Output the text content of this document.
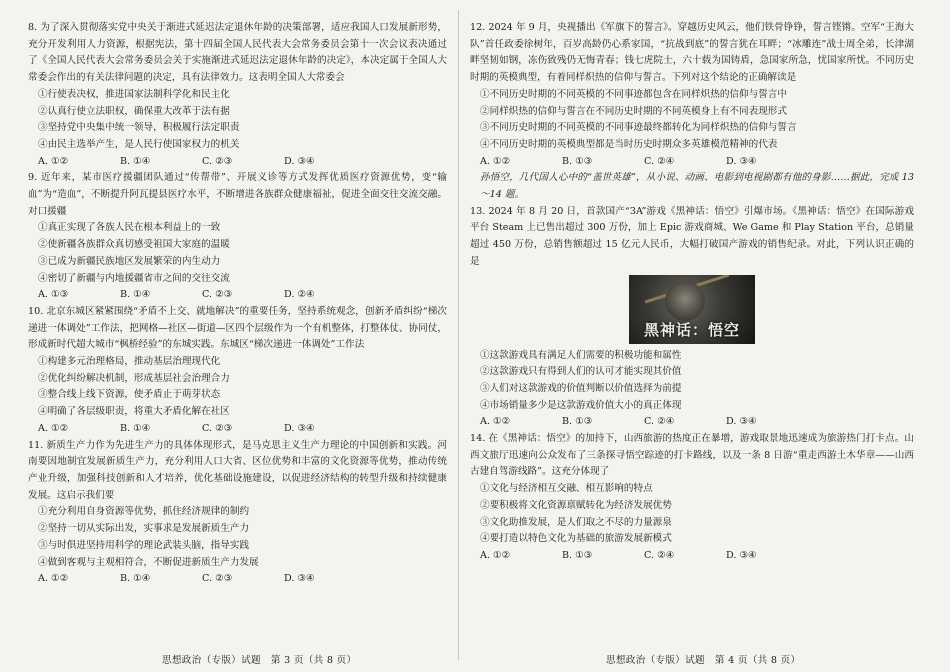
8. 为了深入贯彻落实党中央关于渐进式延迟法定退休年龄的决策部署，适应我国人口发展新形势，充分开发利用人力资源，根据宪法，第十四届全国人民代表大会常务委员会第十一次会议表决通过了《全国人民代表大会常务委员会关于实施渐进式延迟法定退休年龄的决定》，本决定属于全国人大常委会作出的有关法律问题的决定，具有法律效力。这表明全国人大常委会

①行使表决权，推进国家法制科学化和民主化

②认真行使立法职权，确保重大改革于法有据

③坚持党中央集中统一领导，积极履行法定职责

④由民主选举产生，是人民行使国家权力的机关

A. ①②	B. ①④	C. ②③	D. ③④

9. 近年来，某市医疗援疆团队通过“传帮带”、开展义诊等方式发挥优质医疗资源优势，变“输血”为“造血”，不断提升阿瓦提县医疗水平，不断增进各族群众健康福祉，促进全面交往交流交融。对口援疆

①真正实现了各族人民在根本利益上的一致

②使新疆各族群众真切感受祖国大家庭的温暖

③已成为新疆民族地区发展繁荣的内生动力

④密切了新疆与内地援疆省市之间的交往交流

A. ①③	B. ①④	C. ②③	D. ②④

10. 北京东城区紧紧围绕“矛盾不上交、就地解决”的重要任务，坚持系统观念，创新矛盾纠纷“梯次递进一体调处”工作法，把网格—社区—街道—区四个层级作为一个有机整体，打整体仗、协同仗，形成新时代超大城市“枫桥经验”的东城实践。东城区“梯次递进一体调处”工作法

①构建多元治理格局，推动基层治理现代化

②优化纠纷解决机制，形成基层社会治理合力

③整合线上线下资源，使矛盾止于萌芽状态

④明确了各层级职责，将重大矛盾化解在社区

A. ①②	B. ①④	C. ②③	D. ③④

11. 新质生产力作为先进生产力的具体体现形式，是马克思主义生产力理论的中国创新和实践。河南要因地制宜发展新质生产力，充分利用人口大省、区位优势和丰富的文化资源等优势，推动传统产业升级，加强科技创新和人才培养，优化基础设施建设，以促进经济结构的转型升级和持续健康发展。这启示我们要

①充分利用自身资源等优势，抓住经济规律的制约

②坚持一切从实际出发，实事求是发展新质生产力

③与时俱进坚持用科学的理论武装头脑，指导实践

④做到客观与主观相符合，不断促进新质生产力发展

A. ①②	B. ①④	C. ②③	D. ③④

12. 2024 年 9 月，央视播出《军旗下的誓言》。穿越历史风云，他们铁骨铮铮，誓言铿锵。空军“王海大队”首任政委徐树年，百岁高龄仍心系家国，“抗战到底”的誓言犹在耳畔；“冰雕连”战士周全弟，长津湖畔坚韧如钢，冻伤致残仍无悔青春；钱七虎院士，六十载为国铸盾，急国家所急，忧国家所忧。不同历史时期的英模典型，有着同样炽热的信仰与誓言。下列对这个结论的正确解读是

①不同历史时期的不同英模的不同事迹都包含在同样炽热的信仰与誓言中

②同样炽热的信仰与誓言在不同历史时期的不同英模身上有不同表现形式

③不同历史时期的不同英模的不同事迹最终都转化为同样炽热的信仰与誓言

④不同历史时期的英模典型都是当时历史时期众多英雄模范精神的代表

A. ①②	B. ①③	C. ②④	D. ③④

孙悟空，几代国人心中的“盖世英雄”，从小说、动画、电影到电视剧都有他的身影……据此，完成 13～14 题。

13. 2024 年 8 月 20 日，首款国产“3A”游戏《黑神话：悟空》引爆市场。《黑神话：悟空》在国际游戏平台 Steam 上已售出超过 300 万份，加上 Epic 游戏商城、We Game 和 Play Station 平台，总销量超过 450 万份，总销售额超过 15 亿元人民币，大幅打破国产游戏的销售纪录。对此，下列认识正确的是

黑神话：悟空

①这款游戏具有满足人们需要的积极功能和属性

②这款游戏只有得到人们的认可才能实现其价值

③人们对这款游戏的价值判断以价值选择为前提

④市场销量多少是这款游戏价值大小的真正体现

A. ①②	B. ①③	C. ②④	D. ③④

14. 在《黑神话：悟空》的加持下，山西旅游的热度正在暴增，游戏取景地迅速成为旅游热门打卡点。山西文旅厅迅速向公众发布了三条探寻悟空踪迹的打卡路线，以及一条 8 日游“重走西游土木华章——山西古建自驾游线路”。这充分体现了

①文化与经济相互交融、相互影响的特点

②要积极将文化资源禀赋转化为经济发展优势

③文化助推发展，是人们取之不尽的力量源泉

④要打造以特色文化为基础的旅游发展新模式

A. ①②	B. ①③	C. ②④	D. ③④

思想政治（专版）试题　第 3 页（共 8 页）	思想政治（专版）试题　第 4 页（共 8 页）
